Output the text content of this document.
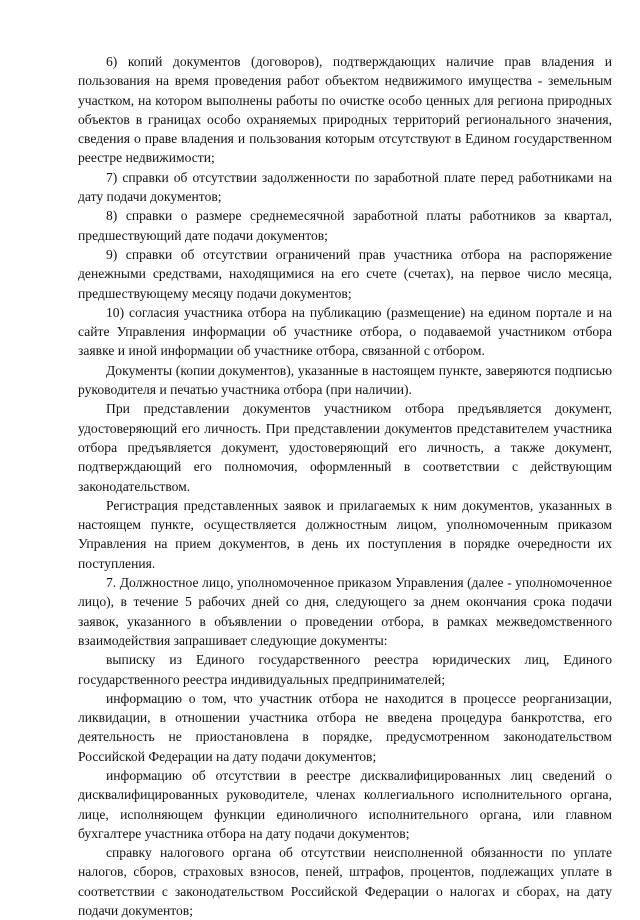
6) копий документов (договоров), подтверждающих наличие прав владения и пользования на время проведения работ объектом недвижимого имущества - земельным участком, на котором выполнены работы по очистке особо ценных для региона природных объектов в границах особо охраняемых природных территорий регионального значения, сведения о праве владения и пользования которым отсутствуют в Едином государственном реестре недвижимости;

7) справки об отсутствии задолженности по заработной плате перед работниками на дату подачи документов;

8) справки о размере среднемесячной заработной платы работников за квартал, предшествующий дате подачи документов;

9) справки об отсутствии ограничений прав участника отбора на распоряжение денежными средствами, находящимися на его счете (счетах), на первое число месяца, предшествующему месяцу подачи документов;

10) согласия участника отбора на публикацию (размещение) на едином портале и на сайте Управления информации об участнике отбора, о подаваемой участником отбора заявке и иной информации об участнике отбора, связанной с отбором.

Документы (копии документов), указанные в настоящем пункте, заверяются подписью руководителя и печатью участника отбора (при наличии).

При представлении документов участником отбора предъявляется документ, удостоверяющий его личность. При представлении документов представителем участника отбора предъявляется документ, удостоверяющий его личность, а также документ, подтверждающий его полномочия, оформленный в соответствии с действующим законодательством.

Регистрация представленных заявок и прилагаемых к ним документов, указанных в настоящем пункте, осуществляется должностным лицом, уполномоченным приказом Управления на прием документов, в день их поступления в порядке очередности их поступления.

7. Должностное лицо, уполномоченное приказом Управления (далее - уполномоченное лицо), в течение 5 рабочих дней со дня, следующего за днем окончания срока подачи заявок, указанного в объявлении о проведении отбора, в рамках межведомственного взаимодействия запрашивает следующие документы:

выписку из Единого государственного реестра юридических лиц, Единого государственного реестра индивидуальных предпринимателей;

информацию о том, что участник отбора не находится в процессе реорганизации, ликвидации, в отношении участника отбора не введена процедура банкротства, его деятельность не приостановлена в порядке, предусмотренном законодательством Российской Федерации на дату подачи документов;

информацию об отсутствии в реестре дисквалифицированных лиц сведений о дисквалифицированных руководителе, членах коллегиального исполнительного органа, лице, исполняющем функции единоличного исполнительного органа, или главном бухгалтере участника отбора на дату подачи документов;

справку налогового органа об отсутствии неисполненной обязанности по уплате налогов, сборов, страховых взносов, пеней, штрафов, процентов, подлежащих уплате в соответствии с законодательством Российской Федерации о налогах и сборах, на дату подачи документов;
